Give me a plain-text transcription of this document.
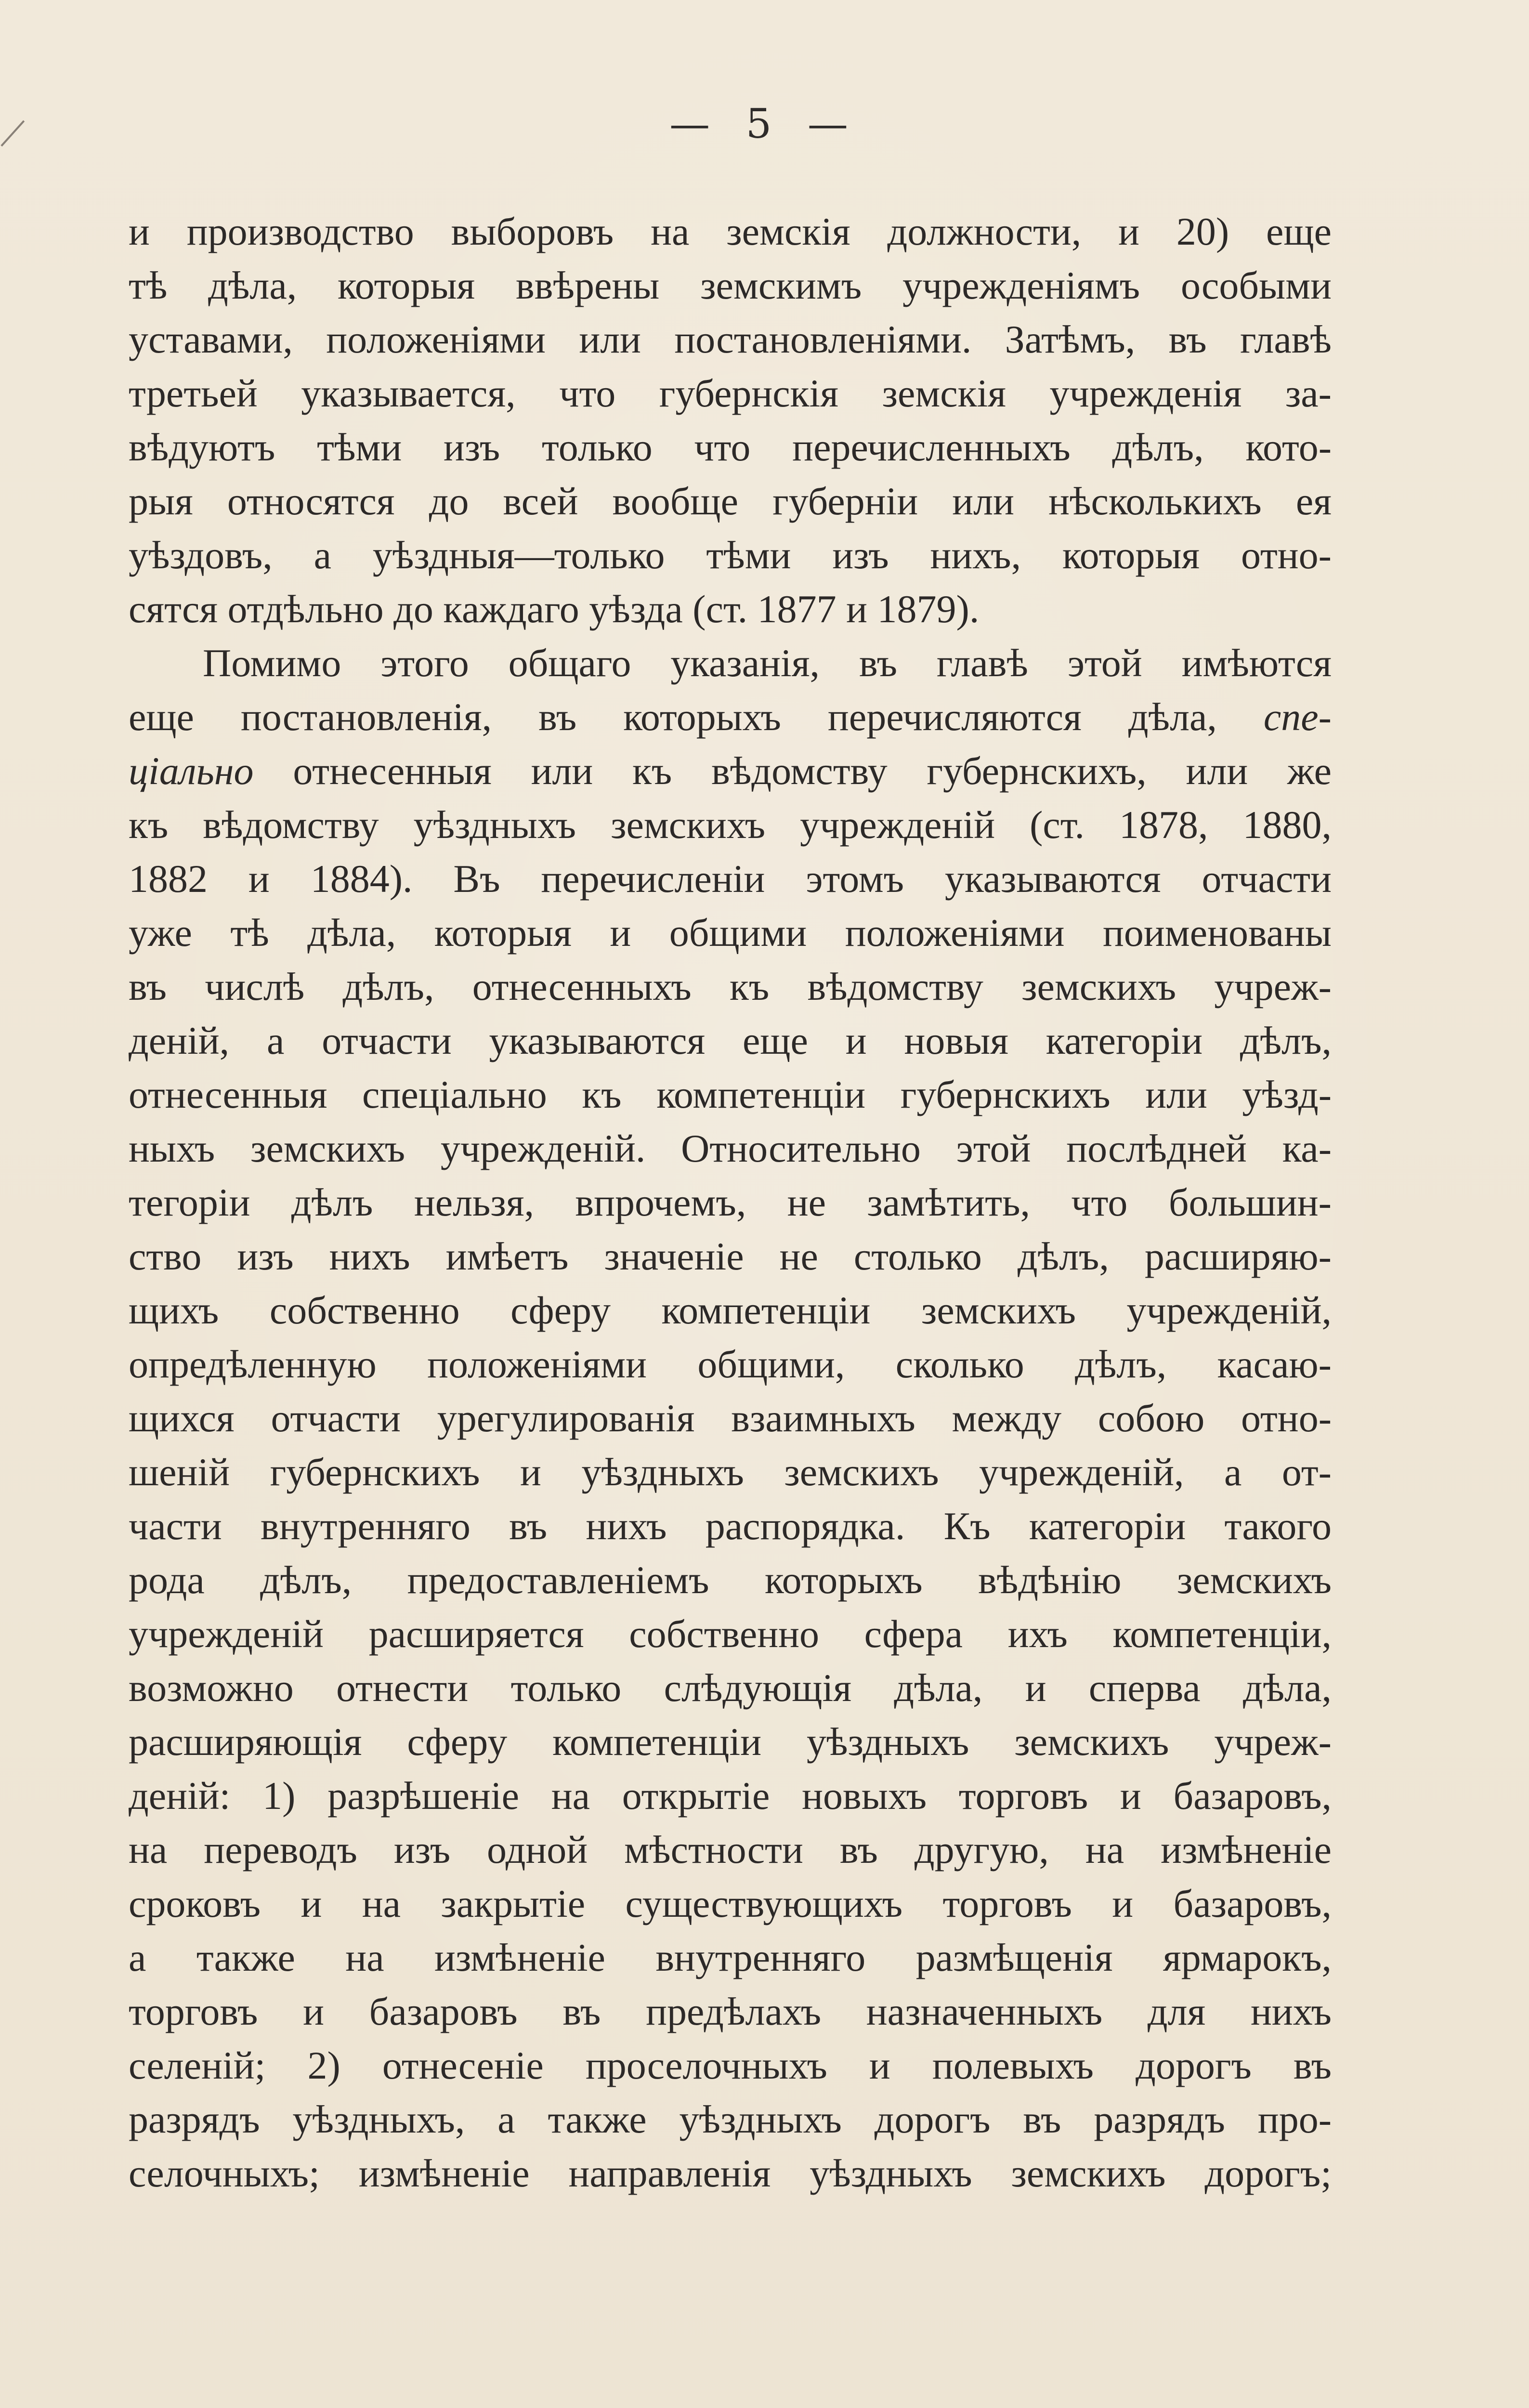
— 5 —
и производство выборовъ на земскія должности, и 20) еще
тѣ дѣла, которыя ввѣрены земскимъ учрежденіямъ особыми
уставами, положеніями или постановленіями. Затѣмъ, въ главѣ
третьей указывается, что губернскія земскія учрежденія за-
вѣдуютъ тѣми изъ только что перечисленныхъ дѣлъ, кото-
рыя относятся до всей вообще губерніи или нѣсколькихъ ея
уѣздовъ, а уѣздныя—только тѣми изъ нихъ, которыя отно-
сятся отдѣльно до каждаго уѣзда (ст. 1877 и 1879).
Помимо этого общаго указанія, въ главѣ этой имѣются
еще постановленія, въ которыхъ перечисляются дѣла, спе-
ціально отнесенныя или къ вѣдомству губернскихъ, или же
къ вѣдомству уѣздныхъ земскихъ учрежденій (ст. 1878, 1880,
1882 и 1884). Въ перечисленіи этомъ указываются отчасти
уже тѣ дѣла, которыя и общими положеніями поименованы
въ числѣ дѣлъ, отнесенныхъ къ вѣдомству земскихъ учреж-
деній, а отчасти указываются еще и новыя категоріи дѣлъ,
отнесенныя спеціально къ компетенціи губернскихъ или уѣзд-
ныхъ земскихъ учрежденій. Относительно этой послѣдней ка-
тегоріи дѣлъ нельзя, впрочемъ, не замѣтить, что большин-
ство изъ нихъ имѣетъ значеніе не столько дѣлъ, расширяю-
щихъ собственно сферу компетенціи земскихъ учрежденій,
опредѣленную положеніями общими, сколько дѣлъ, касаю-
щихся отчасти урегулированія взаимныхъ между собою отно-
шеній губернскихъ и уѣздныхъ земскихъ учрежденій, а от-
части внутренняго въ нихъ распорядка. Къ категоріи такого
рода дѣлъ, предоставленіемъ которыхъ вѣдѣнію земскихъ
учрежденій расширяется собственно сфера ихъ компетенціи,
возможно отнести только слѣдующія дѣла, и сперва дѣла,
расширяющія сферу компетенціи уѣздныхъ земскихъ учреж-
деній: 1) разрѣшеніе на открытіе новыхъ торговъ и базаровъ,
на переводъ изъ одной мѣстности въ другую, на измѣненіе
сроковъ и на закрытіе существующихъ торговъ и базаровъ,
а также на измѣненіе внутренняго размѣщенія ярмарокъ,
торговъ и базаровъ въ предѣлахъ назначенныхъ для нихъ
селеній; 2) отнесеніе проселочныхъ и полевыхъ дорогъ въ
разрядъ уѣздныхъ, а также уѣздныхъ дорогъ въ разрядъ про-
селочныхъ; измѣненіе направленія уѣздныхъ земскихъ дорогъ;
